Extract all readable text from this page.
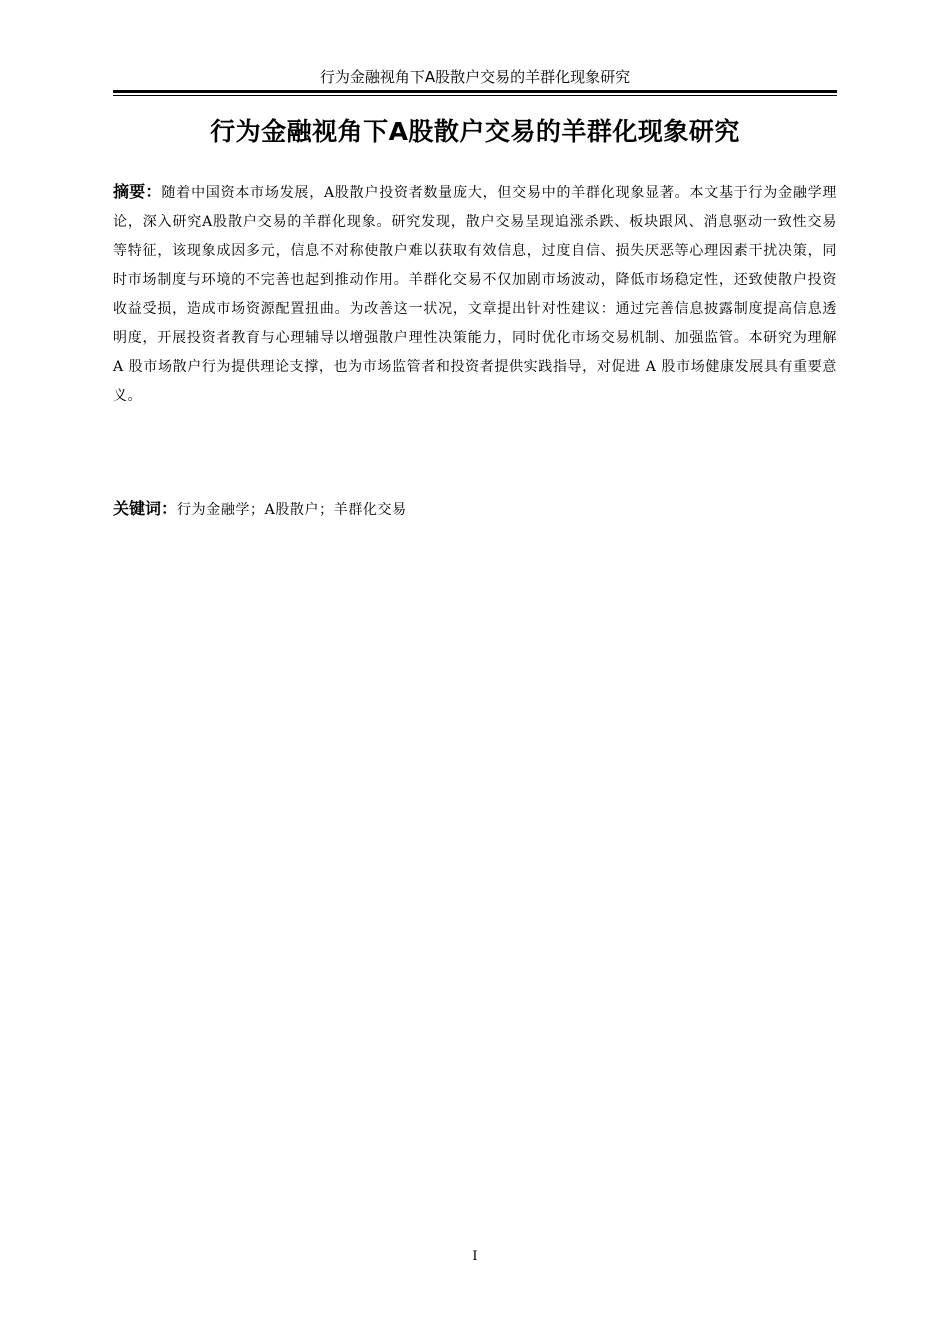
行为金融视角下A股散户交易的羊群化现象研究
行为金融视角下A股散户交易的羊群化现象研究

摘要：随着中国资本市场发展，A股散户投资者数量庞大，但交易中的羊群化现象显著。本文基于行为金融学理论，深入研究A股散户交易的羊群化现象。研究发现，散户交易呈现追涨杀跌、板块跟风、消息驱动一致性交易等特征，该现象成因多元，信息不对称使散户难以获取有效信息，过度自信、损失厌恶等心理因素干扰决策，同时市场制度与环境的不完善也起到推动作用。羊群化交易不仅加剧市场波动，降低市场稳定性，还致使散户投资收益受损，造成市场资源配置扭曲。为改善这一状况，文章提出针对性建议：通过完善信息披露制度提高信息透明度，开展投资者教育与心理辅导以增强散户理性决策能力，同时优化市场交易机制、加强监管。本研究为理解 A 股市场散户行为提供理论支撑，也为市场监管者和投资者提供实践指导，对促进 A 股市场健康发展具有重要意义。

关键词：行为金融学；A股散户；羊群化交易

I
